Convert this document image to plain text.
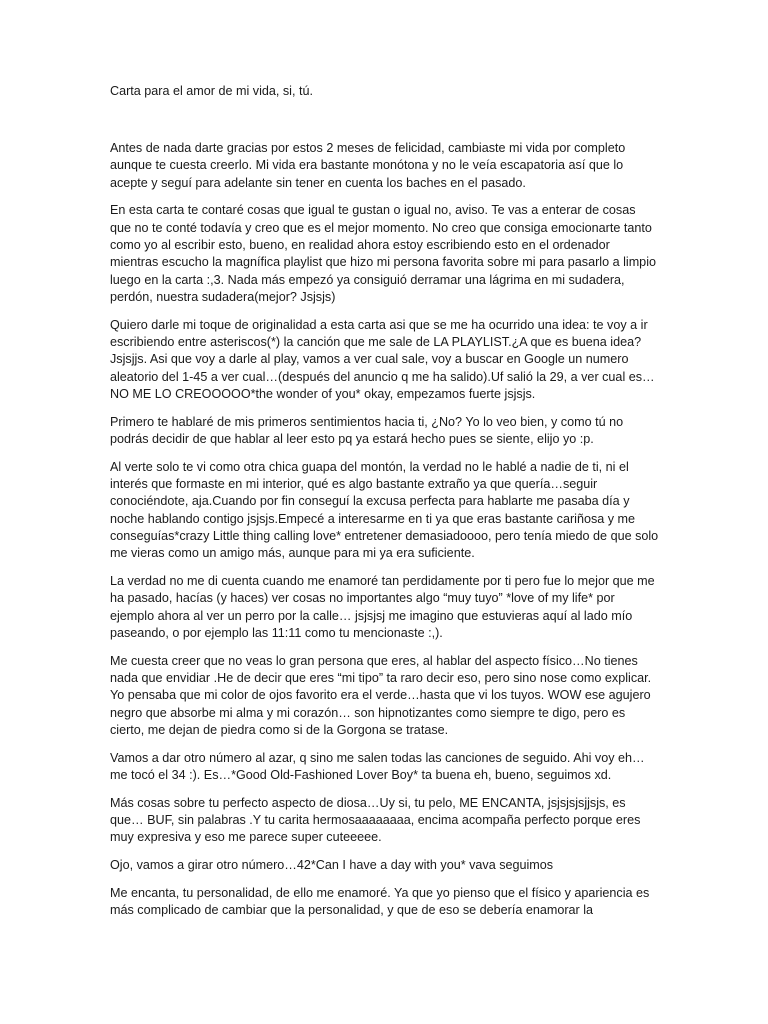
Carta para el amor de mi vida, si, tú.

Antes de nada darte gracias por estos 2 meses de felicidad, cambiaste mi vida por completo aunque te cuesta creerlo. Mi vida era bastante monótona y no le veía escapatoria así que lo acepte y seguí para adelante sin tener en cuenta los baches en el pasado.

En esta carta te contaré cosas que igual te gustan o igual no, aviso. Te vas a enterar de cosas que no te conté todavía y creo que es el mejor momento. No creo que consiga emocionarte tanto como yo al escribir esto, bueno, en realidad ahora estoy escribiendo esto en el ordenador mientras escucho la magnífica playlist que hizo mi persona favorita sobre mi para pasarlo a limpio luego en la carta :,3. Nada más empezó ya consiguió derramar una lágrima en mi sudadera, perdón, nuestra sudadera(mejor? Jsjsjs)

Quiero darle mi toque de originalidad a esta carta asi que se me ha ocurrido una idea: te voy a ir escribiendo entre asteriscos(*) la canción que me sale de LA PLAYLIST.¿A que es buena idea? Jsjsjjs. Asi que voy a darle al play, vamos a ver cual sale, voy a buscar en Google un numero aleatorio del 1-45 a ver cual…(después del anuncio q me ha salido).Uf salió la 29, a ver cual es… NO ME LO CREOOOOO*the wonder of you* okay, empezamos fuerte jsjsjs.

Primero te hablaré de mis primeros sentimientos hacia ti, ¿No? Yo lo veo bien, y como tú no podrás decidir de que hablar al leer esto pq ya estará hecho pues se siente, elijo yo :p.

Al verte solo te vi como otra chica guapa del montón, la verdad no le hablé a nadie de ti, ni el interés que formaste en mi interior, qué es algo bastante extraño ya que quería…seguir conociéndote, aja.Cuando por fin conseguí la excusa perfecta para hablarte me pasaba día y noche hablando contigo jsjsjs.Empecé a interesarme en ti ya que eras bastante cariñosa y me conseguías*crazy Little thing calling love* entretener demasiadoooo, pero tenía miedo de que solo me vieras como un amigo más, aunque para mi ya era suficiente.

La verdad no me di cuenta cuando me enamoré tan perdidamente por ti pero fue lo mejor que me ha pasado, hacías (y haces) ver cosas no importantes algo “muy tuyo” *love of my life* por ejemplo ahora al ver un perro por la calle… jsjsjsj me imagino que estuvieras aquí al lado mío paseando, o por ejemplo las 11:11 como tu mencionaste :,).

Me cuesta creer que no veas lo gran persona que eres, al hablar del aspecto físico…No tienes nada que envidiar .He de decir que eres “mi tipo” ta raro decir eso, pero sino nose como explicar. Yo pensaba que mi color de ojos favorito era el verde…hasta que vi los tuyos. WOW ese agujero negro que absorbe mi alma y mi corazón… son hipnotizantes como siempre te digo, pero es cierto, me dejan de piedra como si de la Gorgona se tratase.

Vamos a dar otro número al azar, q sino me salen todas las canciones de seguido. Ahi voy eh… me tocó el 34 :). Es…*Good Old-Fashioned Lover Boy* ta buena eh, bueno, seguimos xd.

Más cosas sobre tu perfecto aspecto de diosa…Uy si, tu pelo, ME ENCANTA, jsjsjsjsjjsjs, es que… BUF, sin palabras .Y tu carita hermosaaaaaaaa, encima acompaña perfecto porque eres muy expresiva y eso me parece super cuteeeee.

Ojo, vamos a girar otro número…42*Can I have a day with you* vava seguimos

Me encanta, tu personalidad, de ello me enamoré. Ya que yo pienso que el físico y apariencia es más complicado de cambiar que la personalidad, y que de eso se debería enamorar la
